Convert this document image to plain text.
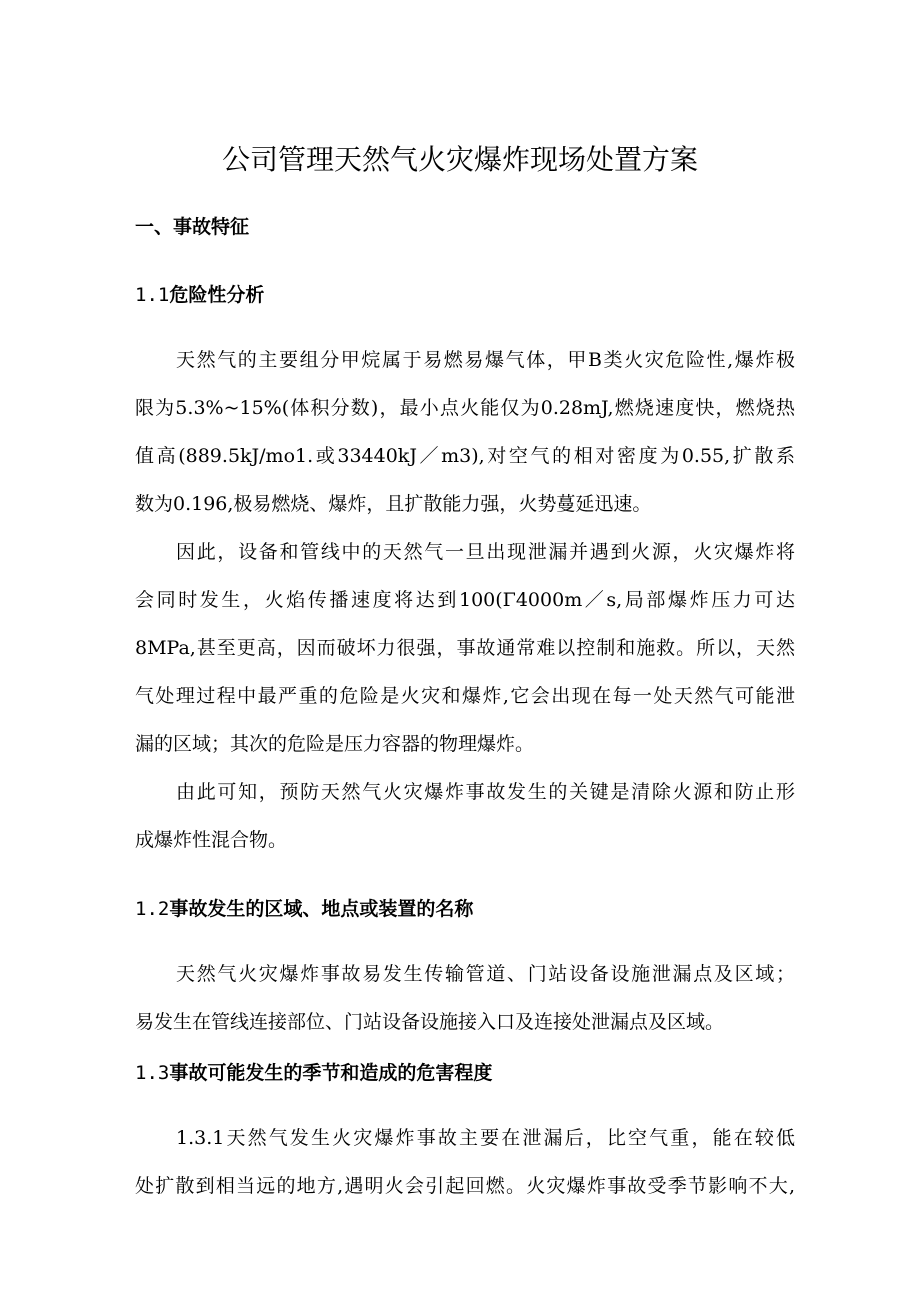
公司管理天然气火灾爆炸现场处置方案
一、事故特征
1.1危险性分析
天然气的主要组分甲烷属于易燃易爆气体，甲B类火灾危险性,爆炸极
限为5.3%~15%(体积分数)，最小点火能仅为0.28mJ,燃烧速度快，燃烧热
值高(889.5kJ/mo1.或33440kJ／m3),对空气的相对密度为0.55,扩散系
数为0.196,极易燃烧、爆炸，且扩散能力强，火势蔓延迅速。
因此，设备和管线中的天然气一旦出现泄漏并遇到火源，火灾爆炸将
会同时发生，火焰传播速度将达到100(Γ4000m／s,局部爆炸压力可达
8MPa,甚至更高，因而破坏力很强，事故通常难以控制和施救。所以，天然
气处理过程中最严重的危险是火灾和爆炸,它会出现在每一处天然气可能泄
漏的区域；其次的危险是压力容器的物理爆炸。
由此可知，预防天然气火灾爆炸事故发生的关键是清除火源和防止形
成爆炸性混合物。
1.2事故发生的区域、地点或装置的名称
天然气火灾爆炸事故易发生传输管道、门站设备设施泄漏点及区域；
易发生在管线连接部位、门站设备设施接入口及连接处泄漏点及区域。
1.3事故可能发生的季节和造成的危害程度
1.3.1天然气发生火灾爆炸事故主要在泄漏后，比空气重，能在较低
处扩散到相当远的地方,遇明火会引起回燃。火灾爆炸事故受季节影响不大,
